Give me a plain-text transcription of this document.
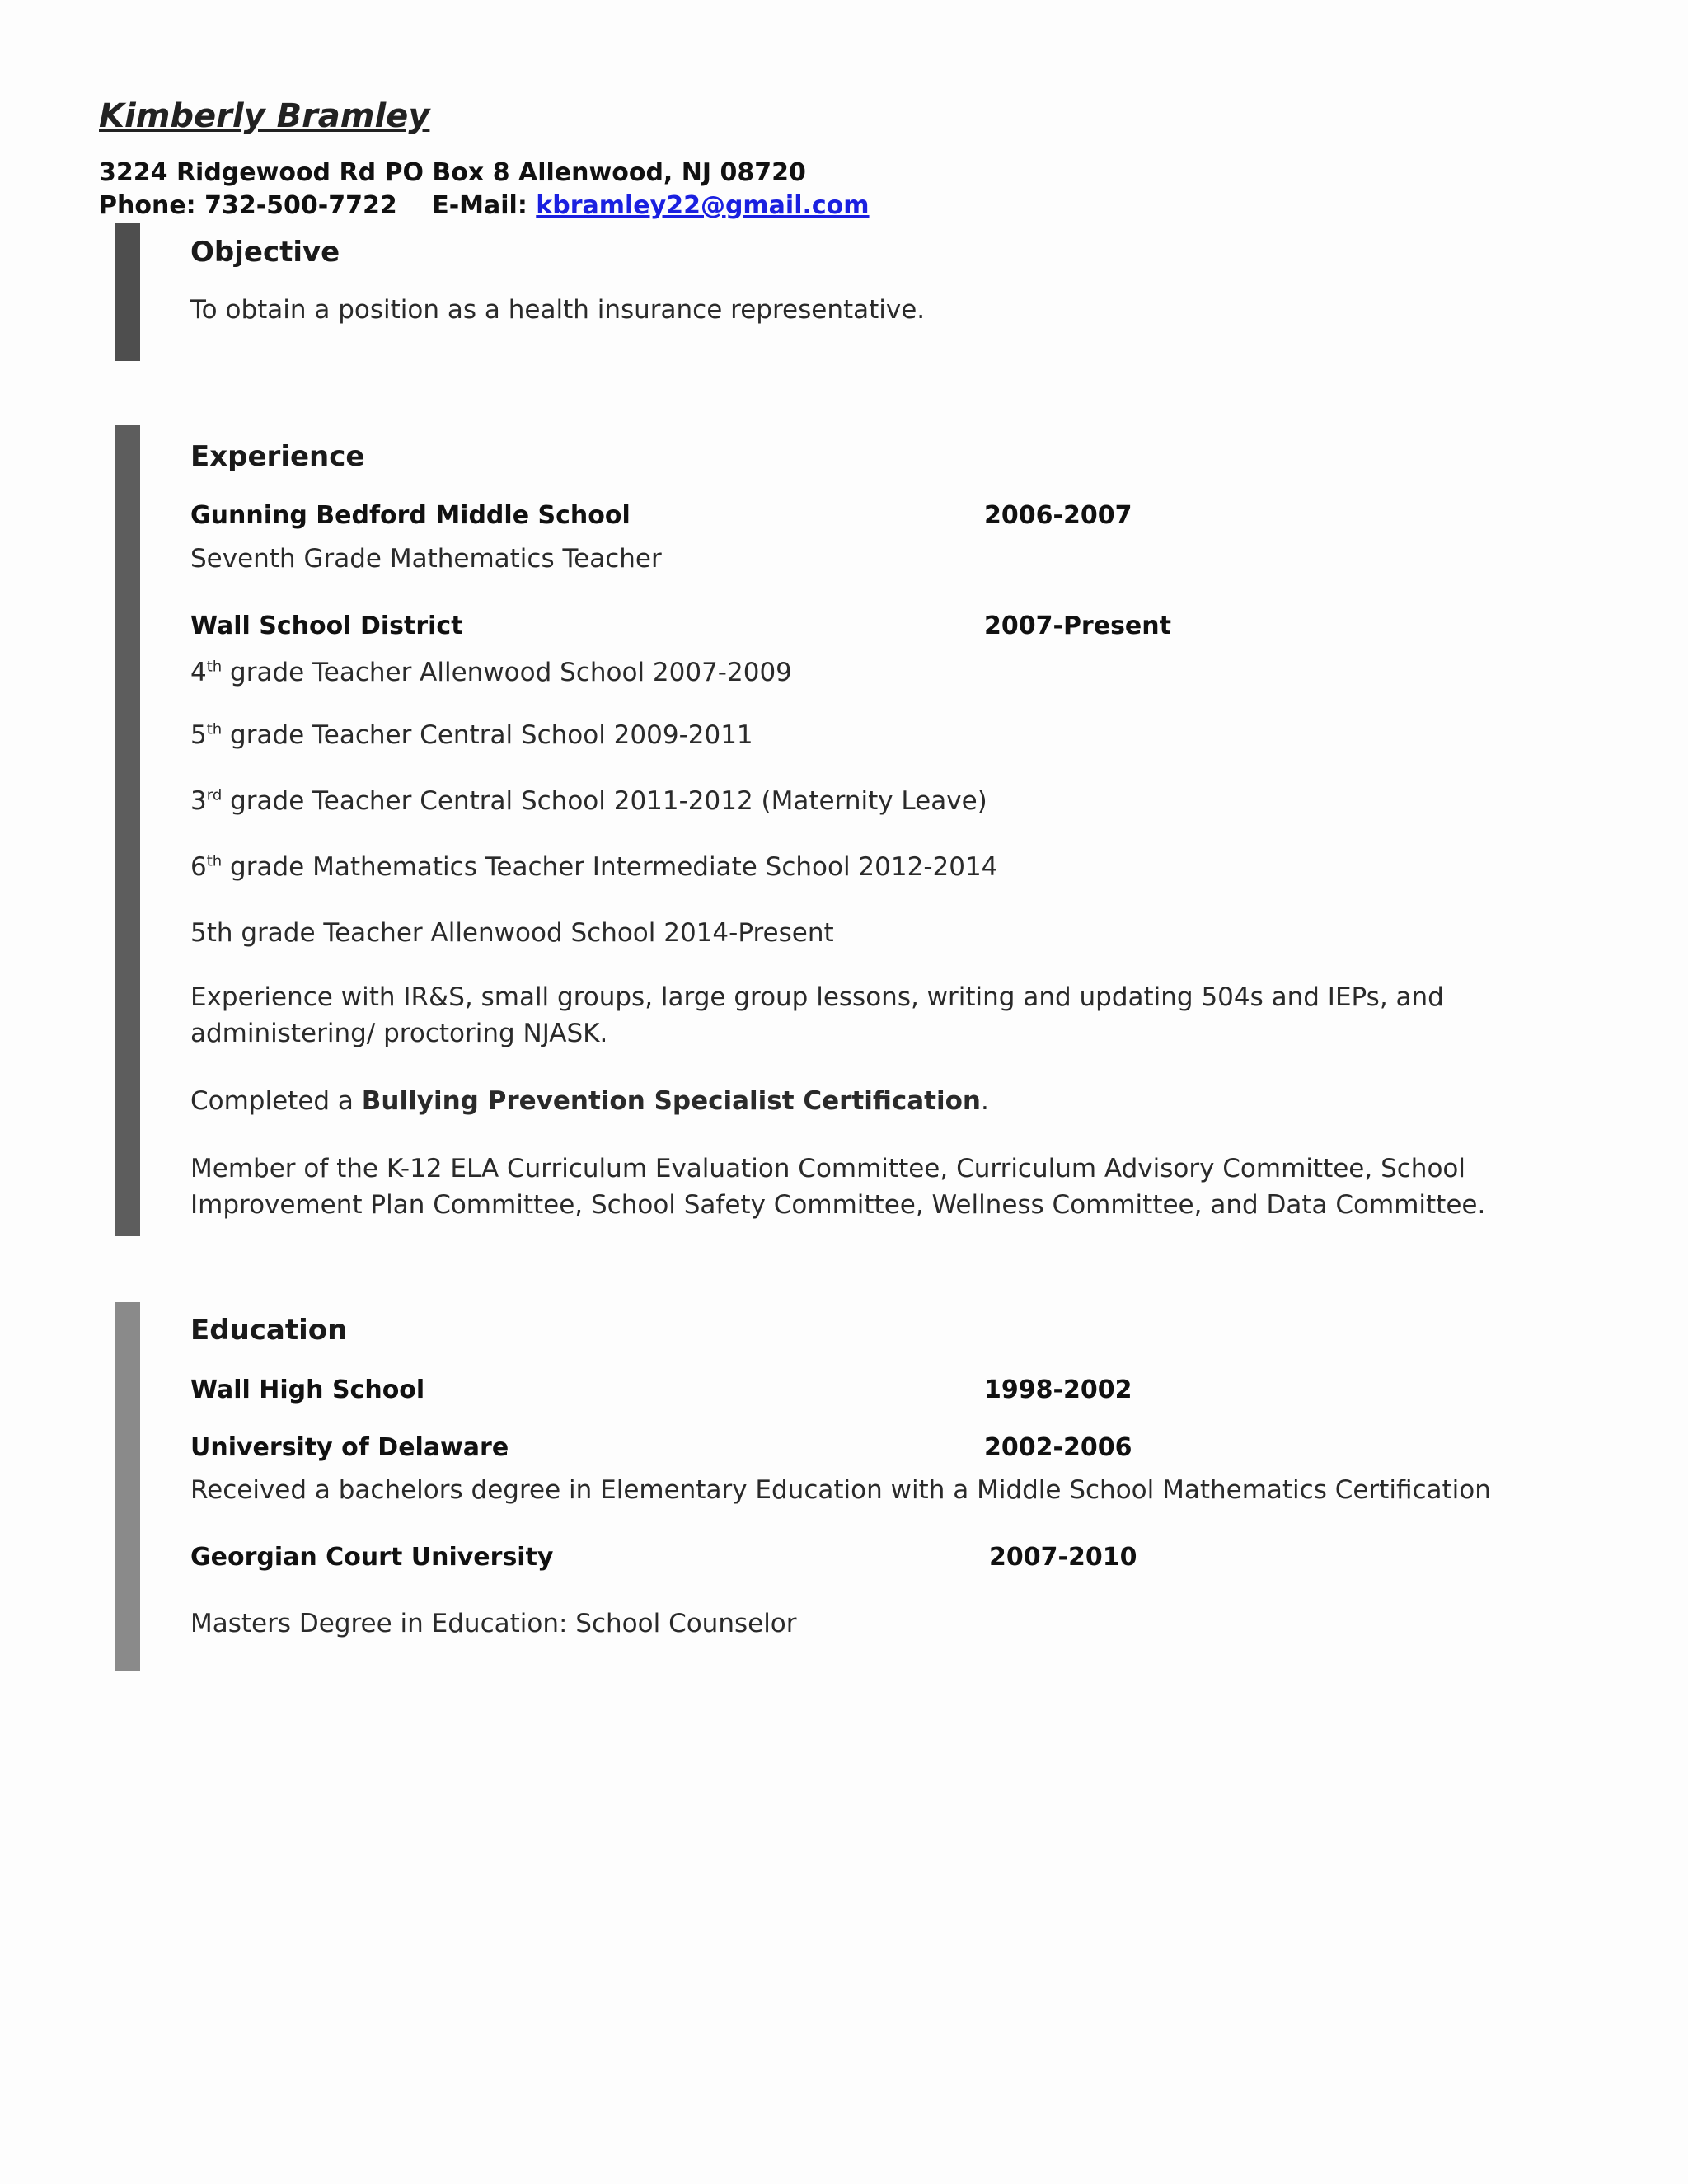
Kimberly Bramley
3224 Ridgewood Rd PO Box 8 Allenwood, NJ 08720
Phone: 732-500-7722 E-Mail: kbramley22@gmail.com
Objective
To obtain a position as a health insurance representative.
Experience
Gunning Bedford Middle School	2006-2007
Seventh Grade Mathematics Teacher
Wall School District	2007-Present
4th grade Teacher Allenwood School 2007-2009
5th grade Teacher Central School 2009-2011
3rd grade Teacher Central School 2011-2012 (Maternity Leave)
6th grade Mathematics Teacher Intermediate School 2012-2014
5th grade Teacher Allenwood School 2014-Present
Experience with IR&S, small groups, large group lessons, writing and updating 504s and IEPs, and administering/ proctoring NJASK.
Completed a Bullying Prevention Specialist Certification.
Member of the K-12 ELA Curriculum Evaluation Committee, Curriculum Advisory Committee, School Improvement Plan Committee, School Safety Committee, Wellness Committee, and Data Committee.
Education
Wall High School	1998-2002
University of Delaware	2002-2006
Received a bachelors degree in Elementary Education with a Middle School Mathematics Certification
Georgian Court University	2007-2010
Masters Degree in Education: School Counselor
